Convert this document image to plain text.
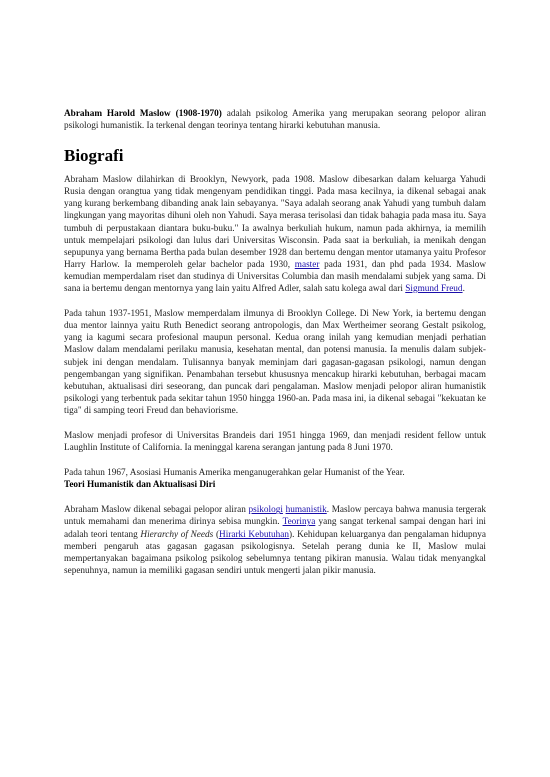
Abraham Harold Maslow (1908-1970) adalah psikolog Amerika yang merupakan seorang pelopor aliran psikologi humanistik. Ia terkenal dengan teorinya tentang hirarki kebutuhan manusia.

Biografi

Abraham Maslow dilahirkan di Brooklyn, Newyork, pada 1908. Maslow dibesarkan dalam keluarga Yahudi Rusia dengan orangtua yang tidak mengenyam pendidikan tinggi. Pada masa kecilnya, ia dikenal sebagai anak yang kurang berkembang dibanding anak lain sebayanya. "Saya adalah seorang anak Yahudi yang tumbuh dalam lingkungan yang mayoritas dihuni oleh non Yahudi. Saya merasa terisolasi dan tidak bahagia pada masa itu. Saya tumbuh di perpustakaan diantara buku-buku." Ia awalnya berkuliah hukum, namun pada akhirnya, ia memilih untuk mempelajari psikologi dan lulus dari Universitas Wisconsin. Pada saat ia berkuliah, ia menikah dengan sepupunya yang bernama Bertha pada bulan desember 1928 dan bertemu dengan mentor utamanya yaitu Profesor Harry Harlow. Ia memperoleh gelar bachelor pada 1930, master pada 1931, dan phd pada 1934. Maslow kemudian memperdalam riset dan studinya di Universitas Columbia dan masih mendalami subjek yang sama. Di sana ia bertemu dengan mentornya yang lain yaitu Alfred Adler, salah satu kolega awal dari Sigmund Freud.

Pada tahun 1937-1951, Maslow memperdalam ilmunya di Brooklyn College. Di New York, ia bertemu dengan dua mentor lainnya yaitu Ruth Benedict seorang antropologis, dan Max Wertheimer seorang Gestalt psikolog, yang ia kagumi secara profesional maupun personal. Kedua orang inilah yang kemudian menjadi perhatian Maslow dalam mendalami perilaku manusia, kesehatan mental, dan potensi manusia. Ia menulis dalam subjek-subjek ini dengan mendalam. Tulisannya banyak meminjam dari gagasan-gagasan psikologi, namun dengan pengembangan yang signifikan. Penambahan tersebut khususnya mencakup hirarki kebutuhan, berbagai macam kebutuhan, aktualisasi diri seseorang, dan puncak dari pengalaman. Maslow menjadi pelopor aliran humanistik psikologi yang terbentuk pada sekitar tahun 1950 hingga 1960-an. Pada masa ini, ia dikenal sebagai "kekuatan ke tiga" di samping teori Freud dan behaviorisme.

Maslow menjadi profesor di Universitas Brandeis dari 1951 hingga 1969, dan menjadi resident fellow untuk Laughlin Institute of California. Ia meninggal karena serangan jantung pada 8 Juni 1970.

Pada tahun 1967, Asosiasi Humanis Amerika menganugerahkan gelar Humanist of the Year.

Teori Humanistik dan Aktualisasi Diri

Abraham Maslow dikenal sebagai pelopor aliran psikologi humanistik. Maslow percaya bahwa manusia tergerak untuk memahami dan menerima dirinya sebisa mungkin. Teorinya yang sangat terkenal sampai dengan hari ini adalah teori tentang Hierarchy of Needs (Hirarki Kebutuhan). Kehidupan keluarganya dan pengalaman hidupnya memberi pengaruh atas gagasan gagasan psikologisnya. Setelah perang dunia ke II, Maslow mulai mempertanyakan bagaimana psikolog psikolog sebelumnya tentang pikiran manusia. Walau tidak menyangkal sepenuhnya, namun ia memiliki gagasan sendiri untuk mengerti jalan pikir manusia.
